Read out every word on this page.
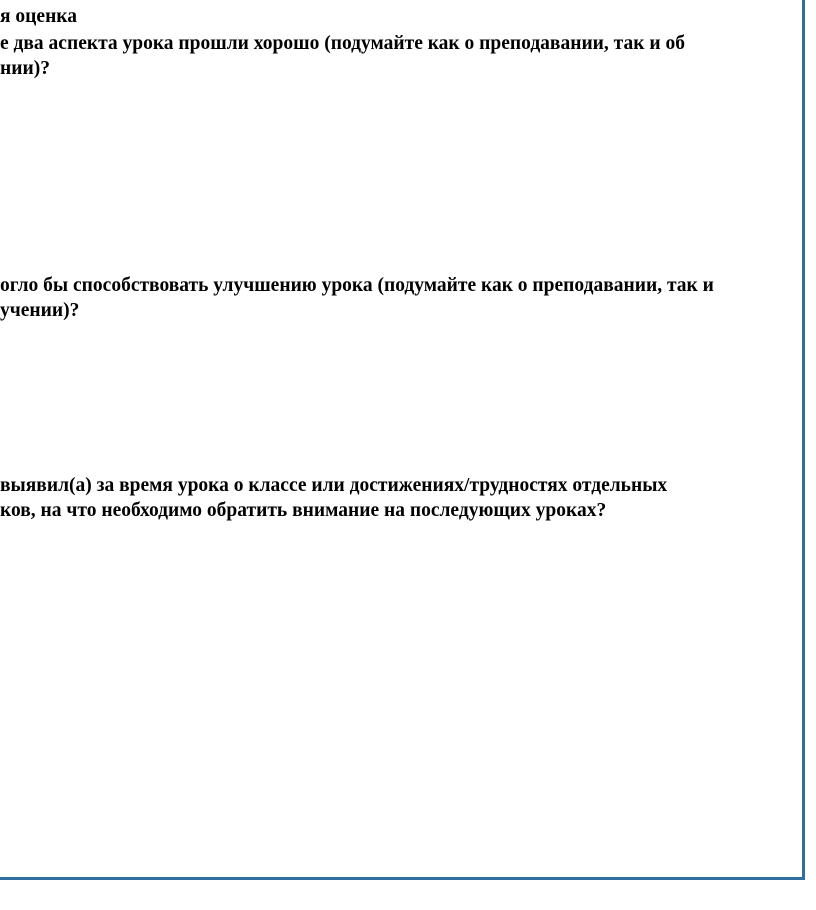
я оценка

е два аспекта урока прошли хорошо (подумайте как о преподавании, так и об

нии)?

огло бы способствовать улучшению урока (подумайте как о преподавании, так и

учении)?

выявил(а) за время урока о классе или достижениях/трудностях отдельных

ков, на что необходимо обратить внимание на последующих уроках?
